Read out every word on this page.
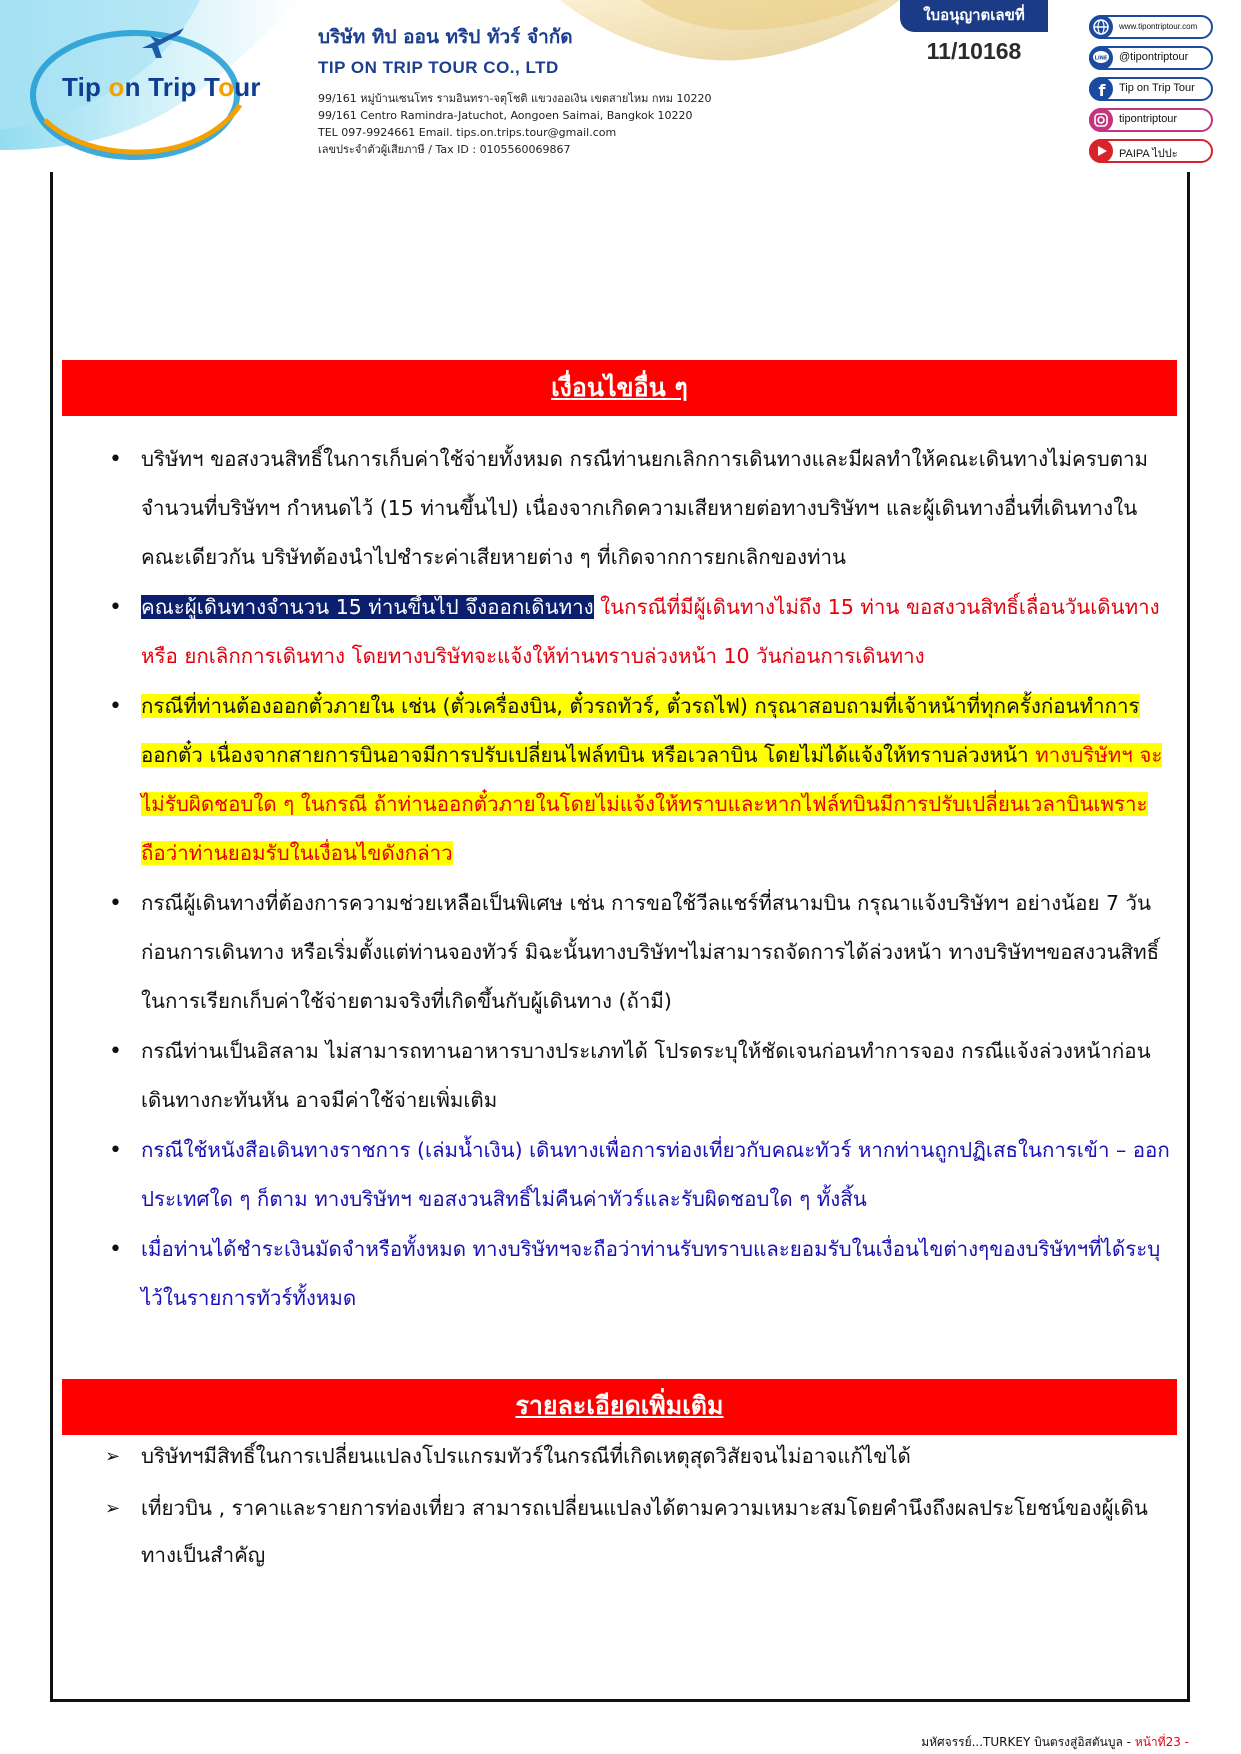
Tip on Trip Tour
บริษัท ทิป ออน ทริป ทัวร์ จำกัด
TIP ON TRIP TOUR CO., LTD
99/161 หมู่บ้านเซนโทร รามอินทรา-จตุโชติ แขวงออเงิน เขตสายไหม กทม 10220
99/161 Centro Ramindra-Jatuchot, Aongoen Saimai, Bangkok 10220
TEL 097-9924661 Email. tips.on.trips.tour@gmail.com
เลขประจำตัวผู้เสียภาษี / Tax ID : 0105560069867
ใบอนุญาตเลขที่
11/10168
www.tipontriptour.com
LINE @tipontriptour
f Tip on Trip Tour
tipontriptour
PAIPA ไปปะ
เงื่อนไขอื่น ๆ
• บริษัทฯ ขอสงวนสิทธิ์ในการเก็บค่าใช้จ่ายทั้งหมด กรณีท่านยกเลิกการเดินทางและมีผลทำให้คณะเดินทางไม่ครบตามจำนวนที่บริษัทฯ กำหนดไว้ (15 ท่านขึ้นไป) เนื่องจากเกิดความเสียหายต่อทางบริษัทฯ และผู้เดินทางอื่นที่เดินทางในคณะเดียวกัน บริษัทต้องนำไปชำระค่าเสียหายต่าง ๆ ที่เกิดจากการยกเลิกของท่าน
• คณะผู้เดินทางจำนวน 15 ท่านขึ้นไป จึงออกเดินทาง ในกรณีที่มีผู้เดินทางไม่ถึง 15 ท่าน ขอสงวนสิทธิ์เลื่อนวันเดินทาง หรือ ยกเลิกการเดินทาง โดยทางบริษัทจะแจ้งให้ท่านทราบล่วงหน้า 10 วันก่อนการเดินทาง
• กรณีที่ท่านต้องออกตั๋วภายใน เช่น (ตั๋วเครื่องบิน, ตั๋วรถทัวร์, ตั๋วรถไฟ) กรุณาสอบถามที่เจ้าหน้าที่ทุกครั้งก่อนทำการออกตั๋ว เนื่องจากสายการบินอาจมีการปรับเปลี่ยนไฟล์ทบิน หรือเวลาบิน โดยไม่ได้แจ้งให้ทราบล่วงหน้า ทางบริษัทฯ จะไม่รับผิดชอบใด ๆ ในกรณี ถ้าท่านออกตั๋วภายในโดยไม่แจ้งให้ทราบและหากไฟล์ทบินมีการปรับเปลี่ยนเวลาบินเพราะถือว่าท่านยอมรับในเงื่อนไขดังกล่าว
• กรณีผู้เดินทางที่ต้องการความช่วยเหลือเป็นพิเศษ เช่น การขอใช้วีลแชร์ที่สนามบิน กรุณาแจ้งบริษัทฯ อย่างน้อย 7 วันก่อนการเดินทาง หรือเริ่มตั้งแต่ท่านจองทัวร์ มิฉะนั้นทางบริษัทฯไม่สามารถจัดการได้ล่วงหน้า ทางบริษัทฯขอสงวนสิทธิ์ในการเรียกเก็บค่าใช้จ่ายตามจริงที่เกิดขึ้นกับผู้เดินทาง (ถ้ามี)
• กรณีท่านเป็นอิสลาม ไม่สามารถทานอาหารบางประเภทได้ โปรดระบุให้ชัดเจนก่อนทำการจอง กรณีแจ้งล่วงหน้าก่อนเดินทางกะทันหัน อาจมีค่าใช้จ่ายเพิ่มเติม
• กรณีใช้หนังสือเดินทางราชการ (เล่มน้ำเงิน) เดินทางเพื่อการท่องเที่ยวกับคณะทัวร์ หากท่านถูกปฏิเสธในการเข้า – ออกประเทศใด ๆ ก็ตาม ทางบริษัทฯ ขอสงวนสิทธิ์ไม่คืนค่าทัวร์และรับผิดชอบใด ๆ ทั้งสิ้น
• เมื่อท่านได้ชำระเงินมัดจำหรือทั้งหมด ทางบริษัทฯจะถือว่าท่านรับทราบและยอมรับในเงื่อนไขต่างๆของบริษัทฯที่ได้ระบุไว้ในรายการทัวร์ทั้งหมด
รายละเอียดเพิ่มเติม
➢ บริษัทฯมีสิทธิ์ในการเปลี่ยนแปลงโปรแกรมทัวร์ในกรณีที่เกิดเหตุสุดวิสัยจนไม่อาจแก้ไขได้
➢ เที่ยวบิน , ราคาและรายการท่องเที่ยว สามารถเปลี่ยนแปลงได้ตามความเหมาะสมโดยคำนึงถึงผลประโยชน์ของผู้เดินทางเป็นสำคัญ
มหัศจรรย์...TURKEY บินตรงสู่อิสตันบูล - หน้าที่23 -
